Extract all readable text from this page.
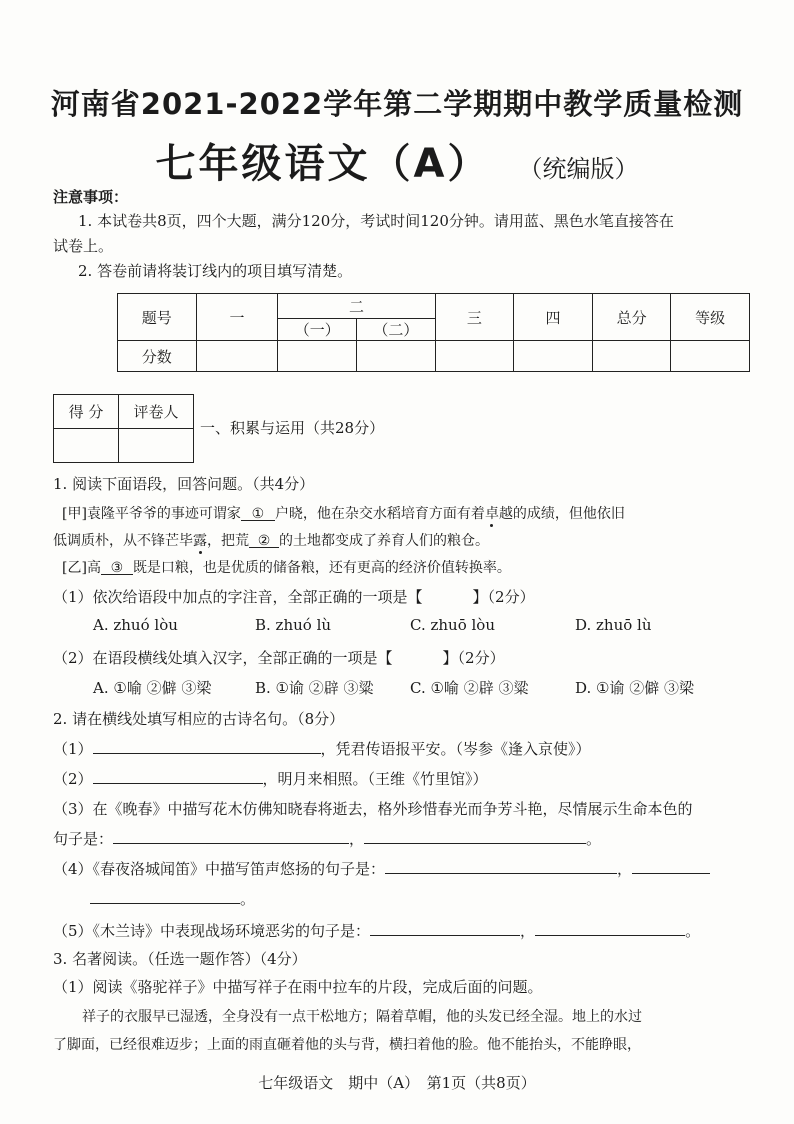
河南省2021-2022学年第二学期期中教学质量检测
七年级语文（A） （统编版）
注意事项：
1. 本试卷共8页，四个大题，满分120分，考试时间120分钟。请用蓝、黑色水笔直接答在
试卷上。
2. 答卷前请将装订线内的项目填写清楚。
题号	一	二		三	四	总分	等级
		（一）	（二）				
分数							
得 分	评卷人

一、积累与运用（共28分）
1. 阅读下面语段，回答问题。（共4分）
[甲]袁隆平爷爷的事迹可谓家 ① 户晓，他在杂交水稻培育方面有着卓越的成绩，但他依旧
低调质朴，从不锋芒毕露，把荒 ② 的土地都变成了养育人们的粮仓。
[乙]高 ③ 既是口粮，也是优质的储备粮，还有更高的经济价值转换率。
（1）依次给语段中加点的字注音，全部正确的一项是【	】（2分）
A. zhuó lòu	B. zhuó lù	C. zhuō lòu	D. zhuō lù
（2）在语段横线处填入汉字，全部正确的一项是【	】（2分）
A. ①喻 ②僻 ③梁	B. ①谕 ②辟 ③粱 C. ①喻 ②辟 ③粱	D. ①谕 ②僻 ③梁
2. 请在横线处填写相应的古诗名句。（8分）
（1）	，凭君传语报平安。（岑参《逢入京使》）
（2）	，明月来相照。（王维《竹里馆》）
（3）在《晚春》中描写花木仿佛知晓春将逝去，格外珍惜春光而争芳斗艳，尽情展示生命本色的
句子是：	，	。
（4）《春夜洛城闻笛》中描写笛声悠扬的句子是：	，
。
（5）《木兰诗》中表现战场环境恶劣的句子是：	，	。
3. 名著阅读。（任选一题作答）（4分）
（1）阅读《骆驼祥子》中描写祥子在雨中拉车的片段，完成后面的问题。
祥子的衣服早已湿透，全身没有一点干松地方；隔着草帽，他的头发已经全湿。地上的水过
了脚面，已经很难迈步；上面的雨直砸着他的头与背，横扫着他的脸。他不能抬头，不能睁眼，
七年级语文　期中（A）　第1页（共8页）
